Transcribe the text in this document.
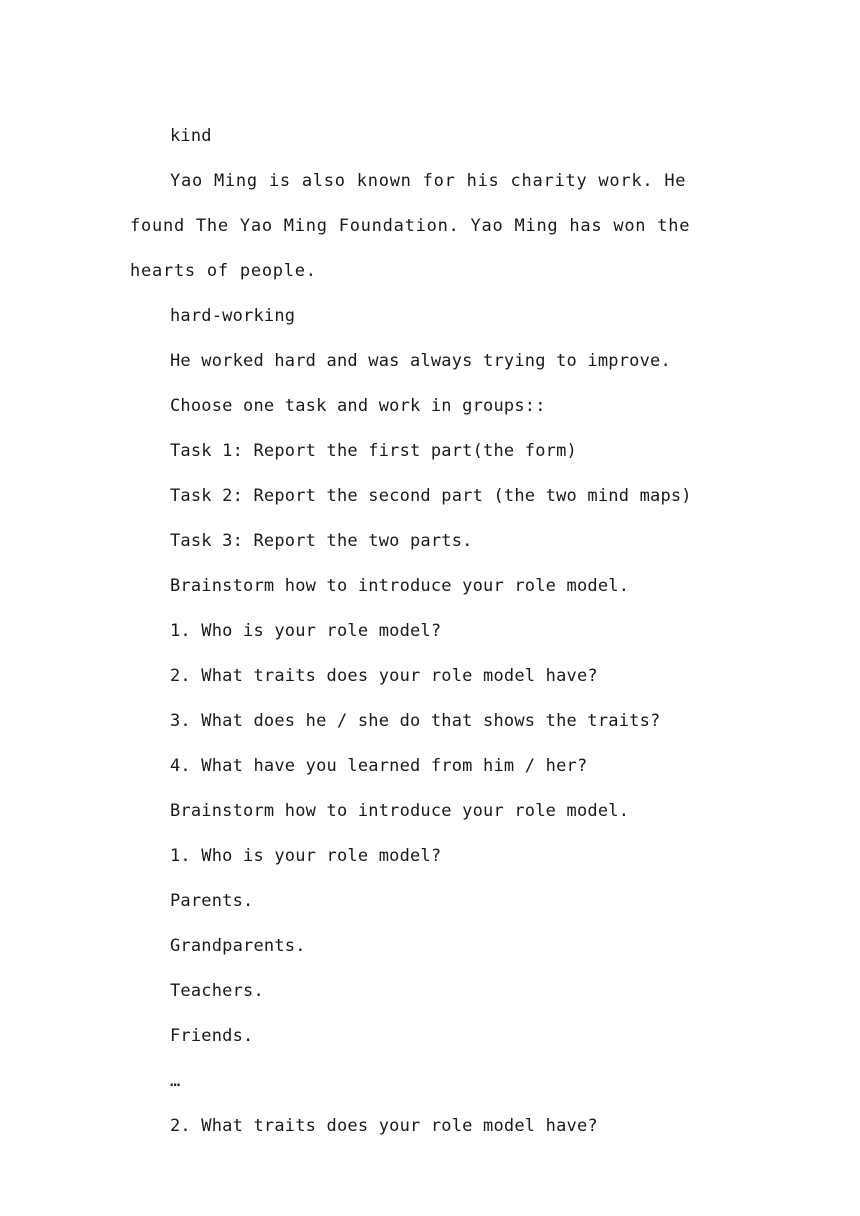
kind

Yao Ming is also known for his charity work. He found The Yao Ming Foundation. Yao Ming has won the hearts of people.

hard-working

He worked hard and was always trying to improve.

Choose one task and work in groups::

Task 1: Report the first part(the form)

Task 2: Report the second part (the two mind maps)

Task 3: Report the two parts.

Brainstorm how to introduce your role model.

1. Who is your role model?

2. What traits does your role model have?

3. What does he / she do that shows the traits?

4. What have you learned from him / her?

Brainstorm how to introduce your role model.

1. Who is your role model?

Parents.

Grandparents.

Teachers.

Friends.

…

2. What traits does your role model have?
